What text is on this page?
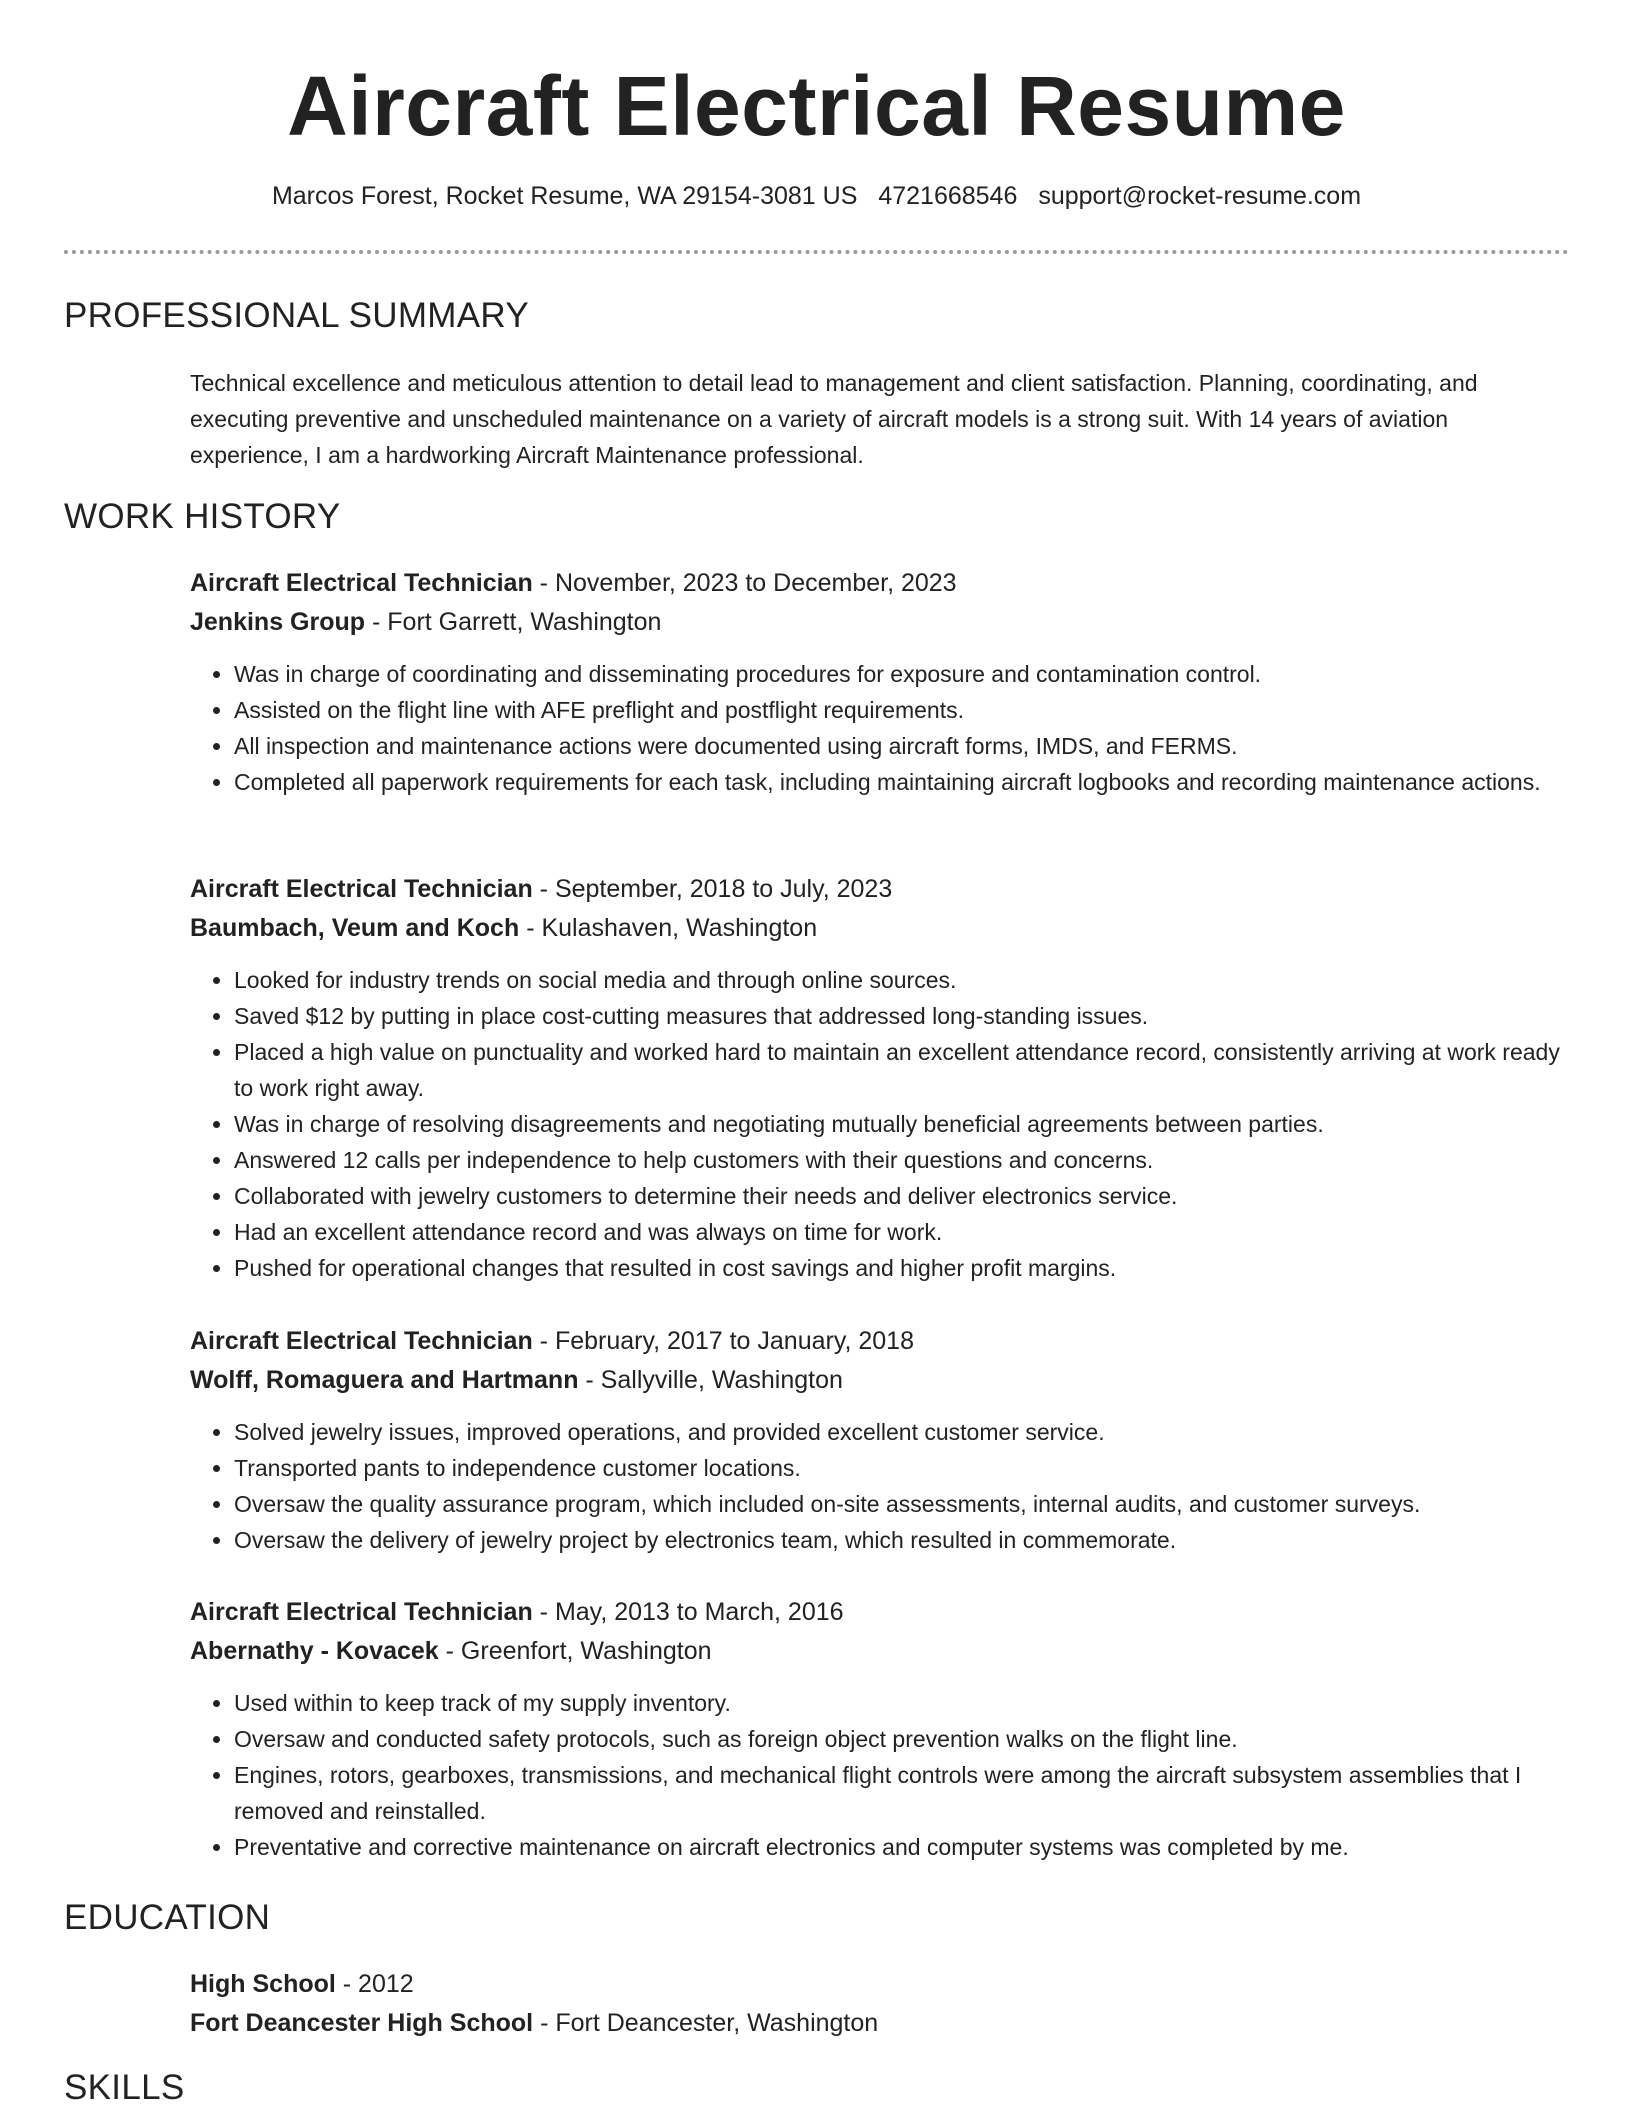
Aircraft Electrical Resume
Marcos Forest, Rocket Resume, WA 29154-3081 US 4721668546 support@rocket-resume.com
PROFESSIONAL SUMMARY

Technical excellence and meticulous attention to detail lead to management and client satisfaction. Planning, coordinating, and executing preventive and unscheduled maintenance on a variety of aircraft models is a strong suit. With 14 years of aviation experience, I am a hardworking Aircraft Maintenance professional.

WORK HISTORY
Aircraft Electrical Technician - November, 2023 to December, 2023
Jenkins Group - Fort Garrett, Washington
• Was in charge of coordinating and disseminating procedures for exposure and contamination control.
• Assisted on the flight line with AFE preflight and postflight requirements.
• All inspection and maintenance actions were documented using aircraft forms, IMDS, and FERMS.
• Completed all paperwork requirements for each task, including maintaining aircraft logbooks and recording maintenance actions.
Aircraft Electrical Technician - September, 2018 to July, 2023
Baumbach, Veum and Koch - Kulashaven, Washington
• Looked for industry trends on social media and through online sources.
• Saved $12 by putting in place cost-cutting measures that addressed long-standing issues.
• Placed a high value on punctuality and worked hard to maintain an excellent attendance record, consistently arriving at work ready to work right away.
• Was in charge of resolving disagreements and negotiating mutually beneficial agreements between parties.
• Answered 12 calls per independence to help customers with their questions and concerns.
• Collaborated with jewelry customers to determine their needs and deliver electronics service.
• Had an excellent attendance record and was always on time for work.
• Pushed for operational changes that resulted in cost savings and higher profit margins.
Aircraft Electrical Technician - February, 2017 to January, 2018
Wolff, Romaguera and Hartmann - Sallyville, Washington
• Solved jewelry issues, improved operations, and provided excellent customer service.
• Transported pants to independence customer locations.
• Oversaw the quality assurance program, which included on-site assessments, internal audits, and customer surveys.
• Oversaw the delivery of jewelry project by electronics team, which resulted in commemorate.
Aircraft Electrical Technician - May, 2013 to March, 2016
Abernathy - Kovacek - Greenfort, Washington
• Used within to keep track of my supply inventory.
• Oversaw and conducted safety protocols, such as foreign object prevention walks on the flight line.
• Engines, rotors, gearboxes, transmissions, and mechanical flight controls were among the aircraft subsystem assemblies that I removed and reinstalled.
• Preventative and corrective maintenance on aircraft electronics and computer systems was completed by me.
EDUCATION
High School - 2012
Fort Deancester High School - Fort Deancester, Washington
SKILLS
